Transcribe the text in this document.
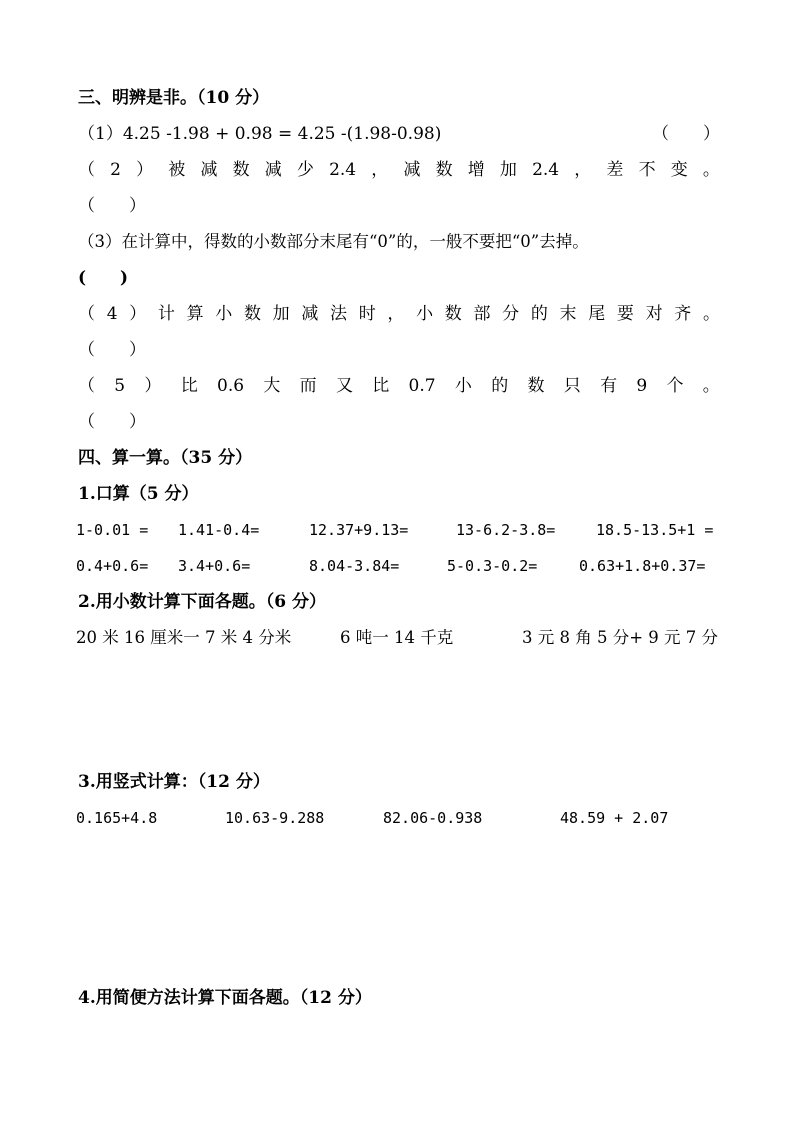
三、明辨是非。（10 分）
（1）4.25 -1.98 + 0.98 = 4.25 -(1.98-0.98)	（　　）
（ 2 ） 被 减 数 减 少 2.4 ， 减 数 增 加 2.4 ， 差 不 变 。
（　　）
（3）在计算中，得数的小数部分末尾有“0”的，一般不要把“0”去掉。
(　　)
（ 4 ） 计 算 小 数 加 减 法 时 ， 小 数 部 分 的 末 尾 要 对 齐 。
（　　）
（ 5 ） 比 0.6 大 而 又 比 0.7 小 的 数 只 有 9 个 。
（　　）
四、算一算。（35 分）
1.口算（5 分）
1-0.01 = 1.41-0.4=	12.37+9.13=	13-6.2-3.8=	18.5-13.5+1 =
0.4+0.6= 3.4+0.6=	8.04-3.84=	5-0.3-0.2=	0.63+1.8+0.37=
2.用小数计算下面各题。（6 分）
20 米 16 厘米一 7 米 4 分米	6 吨一 14 千克	3 元 8 角 5 分+ 9 元 7 分
3.用竖式计算：（12 分）
0.165+4.8	10.63-9.288	82.06-0.938	48.59 + 2.07
4.用简便方法计算下面各题。（12 分）
